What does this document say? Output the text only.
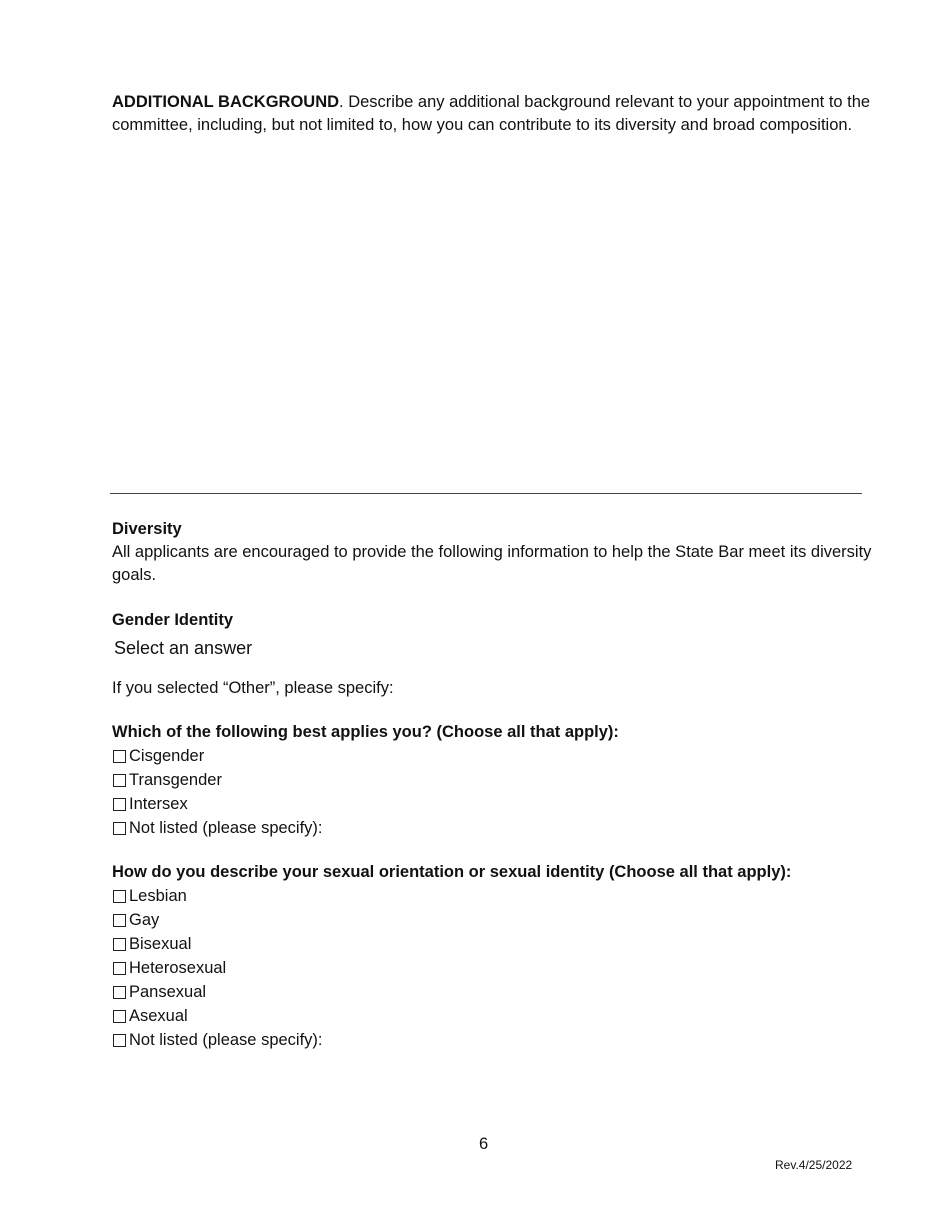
ADDITIONAL BACKGROUND. Describe any additional background relevant to your appointment to the committee, including, but not limited to, how you can contribute to its diversity and broad composition.

Diversity

All applicants are encouraged to provide the following information to help the State Bar meet its diversity goals.

Gender Identity

Select an answer

If you selected “Other”, please specify:

Which of the following best applies you? (Choose all that apply):

Cisgender
Transgender
Intersex
Not listed (please specify):

How do you describe your sexual orientation or sexual identity (Choose all that apply):

Lesbian
Gay
Bisexual
Heterosexual
Pansexual
Asexual
Not listed (please specify):
6
Rev.4/25/2022
